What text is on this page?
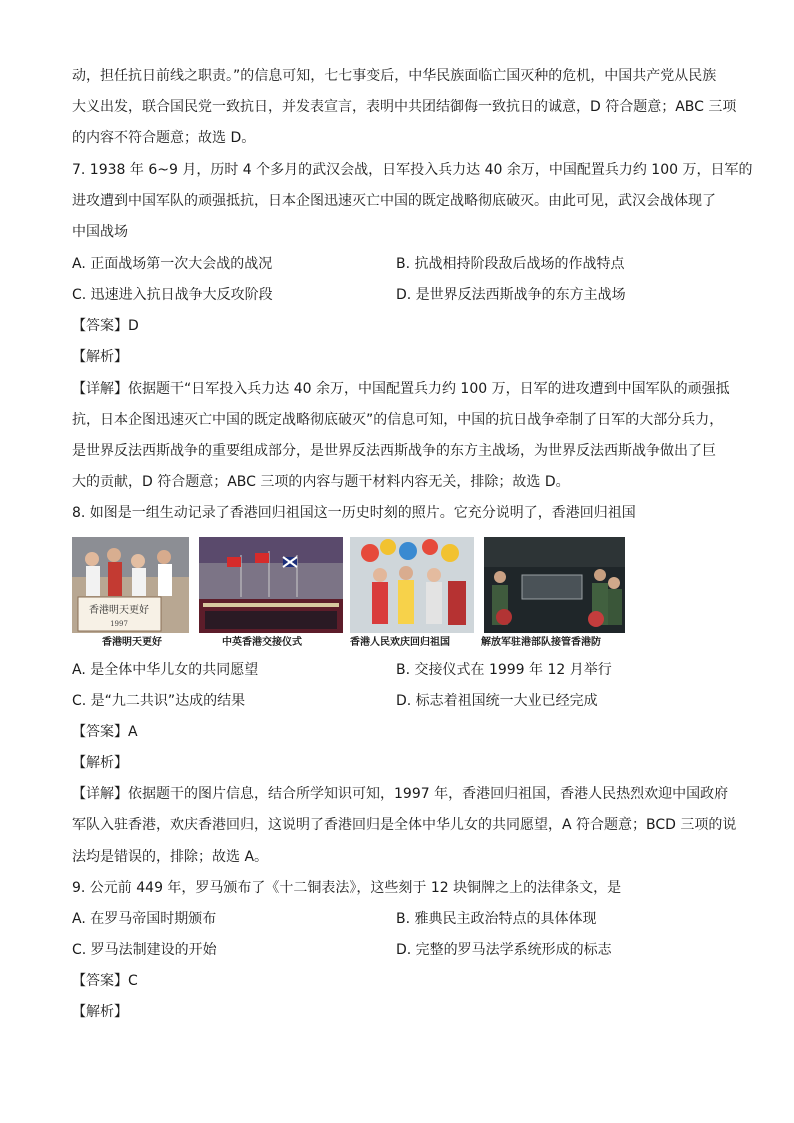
动，担任抗日前线之职责。”的信息可知，七七事变后，中华民族面临亡国灭种的危机，中国共产党从民族
大义出发，联合国民党一致抗日，并发表宣言，表明中共团结御侮一致抗日的诚意，D 符合题意；ABC 三项
的内容不符合题意；故选 D。
7. 1938 年 6~9 月，历时 4 个多月的武汉会战，日军投入兵力达 40 余万，中国配置兵力约 100 万，日军的
进攻遭到中国军队的顽强抵抗，日本企图迅速灭亡中国的既定战略彻底破灭。由此可见，武汉会战体现了
中国战场
A. 正面战场第一次大会战的战况	B. 抗战相持阶段敌后战场的作战特点
C. 迅速进入抗日战争大反攻阶段	D. 是世界反法西斯战争的东方主战场
【答案】D
【解析】
【详解】依据题干“日军投入兵力达 40 余万，中国配置兵力约 100 万，日军的进攻遭到中国军队的顽强抵
抗，日本企图迅速灭亡中国的既定战略彻底破灭”的信息可知，中国的抗日战争牵制了日军的大部分兵力，
是世界反法西斯战争的重要组成部分，是世界反法西斯战争的东方主战场，为世界反法西斯战争做出了巨
大的贡献，D 符合题意；ABC 三项的内容与题干材料内容无关，排除；故选 D。
8. 如图是一组生动记录了香港回归祖国这一历史时刻的照片。它充分说明了，香港回归祖国
香港明天更好
1997
香港明天更好	中英香港交接仪式	香港人民欢庆回归祖国	解放军驻港部队接管香港防
A. 是全体中华儿女的共同愿望	B. 交接仪式在 1999 年 12 月举行
C. 是“九二共识”达成的结果	D. 标志着祖国统一大业已经完成
【答案】A
【解析】
【详解】依据题干的图片信息，结合所学知识可知，1997 年，香港回归祖国，香港人民热烈欢迎中国政府
军队入驻香港，欢庆香港回归，这说明了香港回归是全体中华儿女的共同愿望，A 符合题意；BCD 三项的说
法均是错误的，排除；故选 A。
9. 公元前 449 年，罗马颁布了《十二铜表法》，这些刻于 12 块铜牌之上的法律条文，是
A. 在罗马帝国时期颁布	B. 雅典民主政治特点的具体体现
C. 罗马法制建设的开始	D. 完整的罗马法学系统形成的标志
【答案】C
【解析】
